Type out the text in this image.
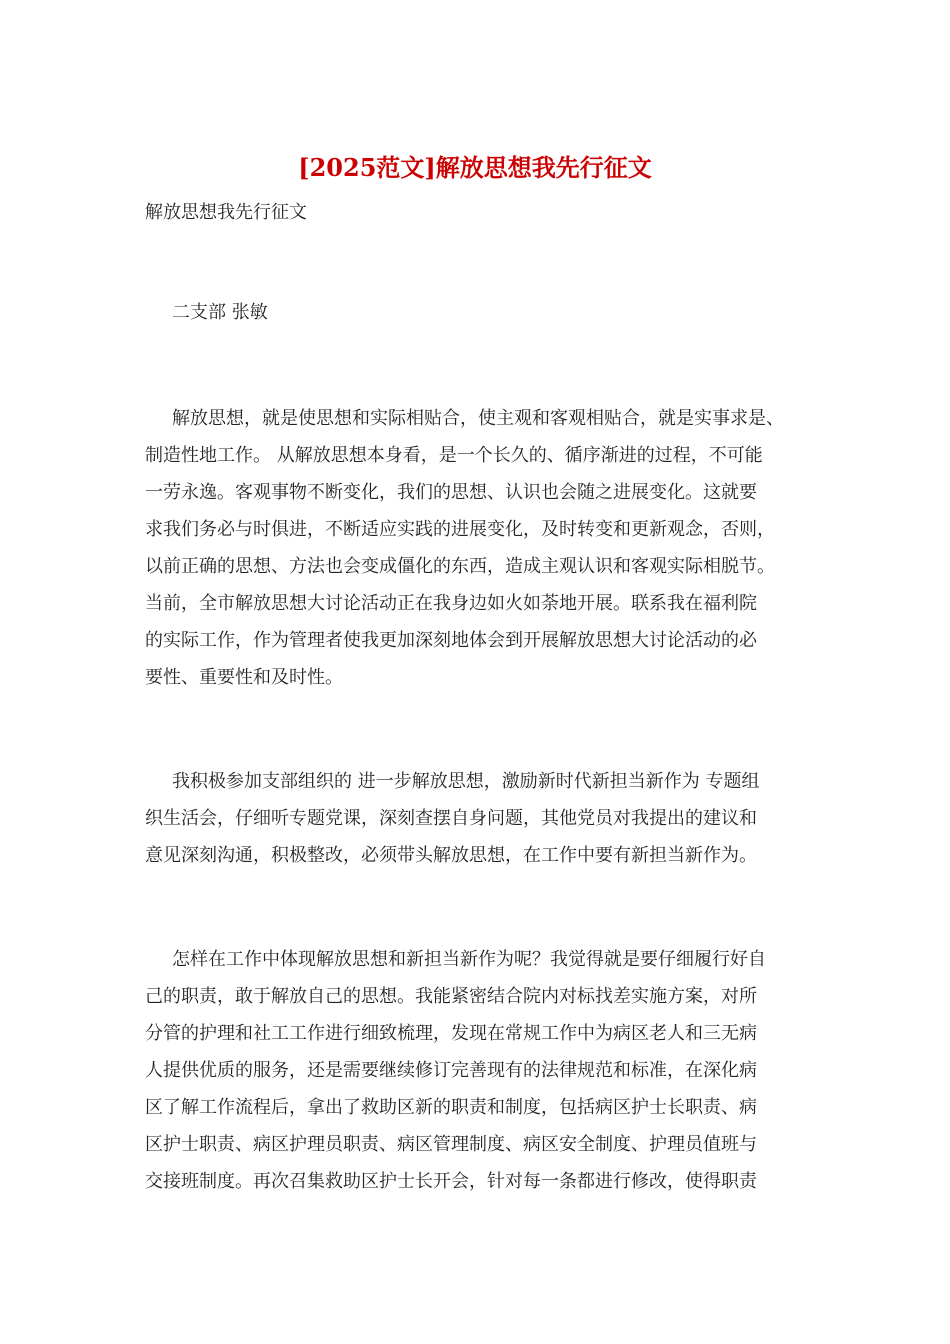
[2025范文]解放思想我先行征文

解放思想我先行征文

二支部 张敏

解放思想，就是使思想和实际相贴合，使主观和客观相贴合，就是实事求是、

制造性地工作。 从解放思想本身看，是一个长久的、循序渐进的过程，不可能

一劳永逸。客观事物不断变化，我们的思想、认识也会随之进展变化。这就要

求我们务必与时俱进，不断适应实践的进展变化，及时转变和更新观念，否则，

以前正确的思想、方法也会变成僵化的东西，造成主观认识和客观实际相脱节。

当前，全市解放思想大讨论活动正在我身边如火如荼地开展。联系我在福利院

的实际工作，作为管理者使我更加深刻地体会到开展解放思想大讨论活动的必

要性、重要性和及时性。

我积极参加支部组织的 进一步解放思想，激励新时代新担当新作为 专题组

织生活会，仔细听专题党课，深刻查摆自身问题，其他党员对我提出的建议和

意见深刻沟通，积极整改，必须带头解放思想，在工作中要有新担当新作为。

怎样在工作中体现解放思想和新担当新作为呢？我觉得就是要仔细履行好自

己的职责，敢于解放自己的思想。我能紧密结合院内对标找差实施方案，对所

分管的护理和社工工作进行细致梳理，发现在常规工作中为病区老人和三无病

人提供优质的服务，还是需要继续修订完善现有的法律规范和标准，在深化病

区了解工作流程后，拿出了救助区新的职责和制度，包括病区护士长职责、病

区护士职责、病区护理员职责、病区管理制度、病区安全制度、护理员值班与

交接班制度。再次召集救助区护士长开会，针对每一条都进行修改，使得职责
